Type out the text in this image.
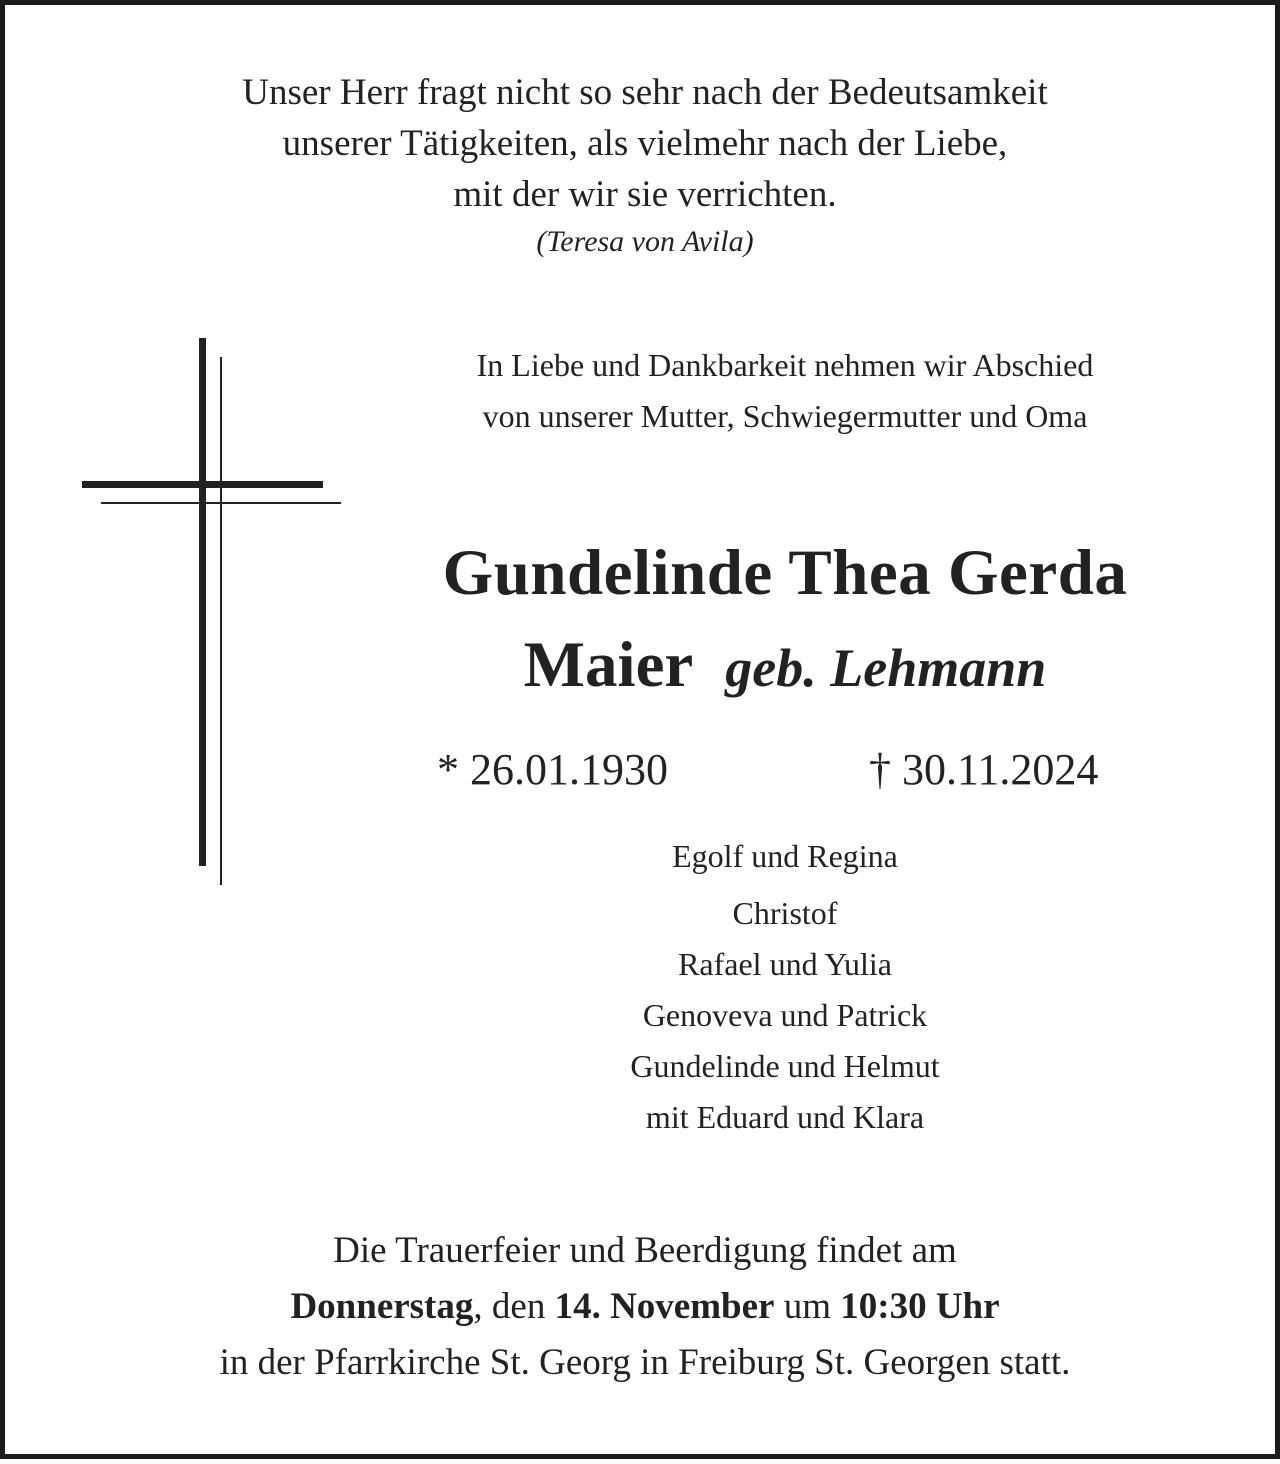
Unser Herr fragt nicht so sehr nach der Bedeutsamkeit
unserer Tätigkeiten, als vielmehr nach der Liebe,
mit der wir sie verrichten.
(Teresa von Avila)
In Liebe und Dankbarkeit nehmen wir Abschied
von unserer Mutter, Schwiegermutter und Oma
Gundelinde Thea Gerda
Maier geb. Lehmann
* 26.01.1930	† 30.11.2024
Egolf und Regina
Christof
Rafael und Yulia
Genoveva und Patrick
Gundelinde und Helmut
mit Eduard und Klara
Die Trauerfeier und Beerdigung findet am
Donnerstag, den 14. November um 10:30 Uhr
in der Pfarrkirche St. Georg in Freiburg St. Georgen statt.
